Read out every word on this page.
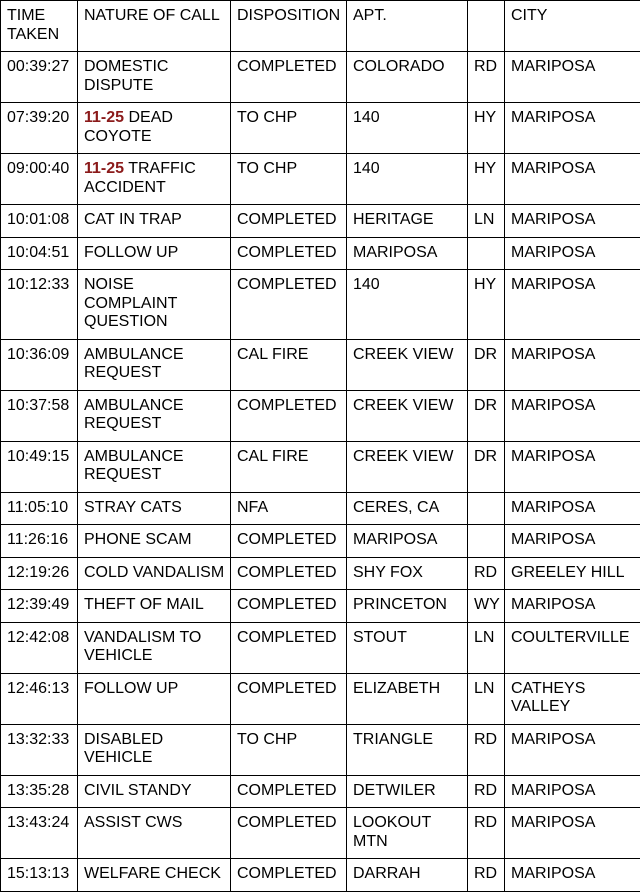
TIME TAKEN	NATURE OF CALL	DISPOSITION	APT.		CITY
00:39:27	DOMESTIC DISPUTE	COMPLETED	COLORADO	RD	MARIPOSA
07:39:20	11-25 DEAD COYOTE	TO CHP	140	HY	MARIPOSA
09:00:40	11-25 TRAFFIC ACCIDENT	TO CHP	140	HY	MARIPOSA
10:01:08	CAT IN TRAP	COMPLETED	HERITAGE	LN	MARIPOSA
10:04:51	FOLLOW UP	COMPLETED	MARIPOSA		MARIPOSA
10:12:33	NOISE COMPLAINT QUESTION	COMPLETED	140	HY	MARIPOSA
10:36:09	AMBULANCE REQUEST	CAL FIRE	CREEK VIEW	DR	MARIPOSA
10:37:58	AMBULANCE REQUEST	COMPLETED	CREEK VIEW	DR	MARIPOSA
10:49:15	AMBULANCE REQUEST	CAL FIRE	CREEK VIEW	DR	MARIPOSA
11:05:10	STRAY CATS	NFA	CERES, CA		MARIPOSA
11:26:16	PHONE SCAM	COMPLETED	MARIPOSA		MARIPOSA
12:19:26	COLD VANDALISM	COMPLETED	SHY FOX	RD	GREELEY HILL
12:39:49	THEFT OF MAIL	COMPLETED	PRINCETON	WY	MARIPOSA
12:42:08	VANDALISM TO VEHICLE	COMPLETED	STOUT	LN	COULTERVILLE
12:46:13	FOLLOW UP	COMPLETED	ELIZABETH	LN	CATHEYS VALLEY
13:32:33	DISABLED VEHICLE	TO CHP	TRIANGLE	RD	MARIPOSA
13:35:28	CIVIL STANDY	COMPLETED	DETWILER	RD	MARIPOSA
13:43:24	ASSIST CWS	COMPLETED	LOOKOUT MTN	RD	MARIPOSA
15:13:13	WELFARE CHECK	COMPLETED	DARRAH	RD	MARIPOSA
